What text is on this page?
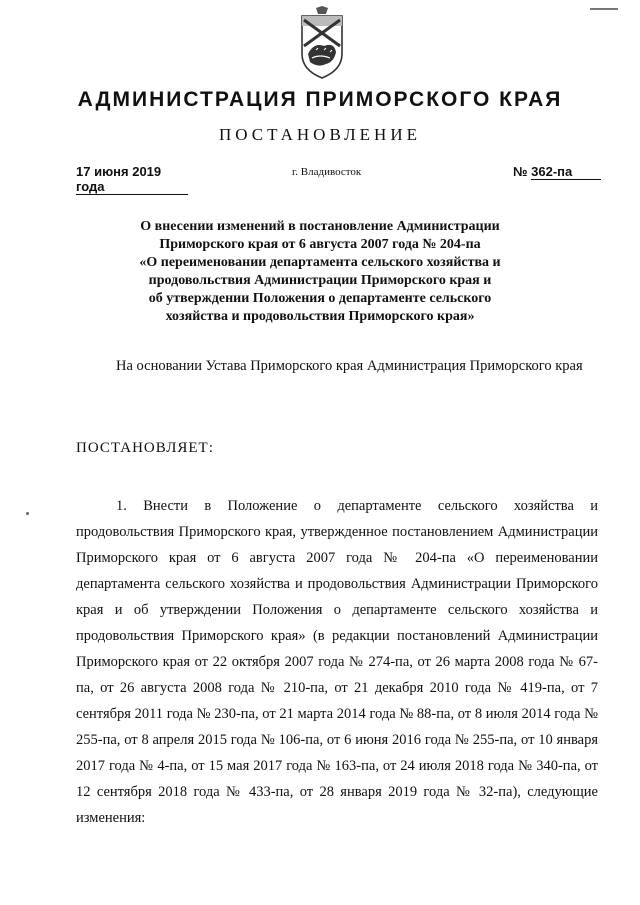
АДМИНИСТРАЦИЯ ПРИМОРСКОГО КРАЯ
ПОСТАНОВЛЕНИЕ
17 июня 2019 года
г. Владивосток	№ 362-па
О внесении изменений в постановление Администрации
Приморского края от 6 августа 2007 года № 204-па
«О переименовании департамента сельского хозяйства и
продовольствия Администрации Приморского края и
об утверждении Положения о департаменте сельского
хозяйства и продовольствия Приморского края»
На основании Устава Приморского края Администрация Приморского края
ПОСТАНОВЛЯЕТ:
1. Внести в Положение о департаменте сельского хозяйства и продовольствия Приморского края, утвержденное постановлением Администрации Приморского края от 6 августа 2007 года № 204-па «О переименовании департамента сельского хозяйства и продовольствия Администрации Приморского края и об утверждении Положения о департаменте сельского хозяйства и продовольствия Приморского края» (в редакции постановлений Администрации Приморского края от 22 октября 2007 года № 274-па, от 26 марта 2008 года № 67-па, от 26 августа 2008 года № 210-па, от 21 декабря 2010 года № 419-па, от 7 сентября 2011 года № 230-па, от 21 марта 2014 года № 88-па, от 8 июля 2014 года № 255-па, от 8 апреля 2015 года № 106-па, от 6 июня 2016 года № 255-па, от 10 января 2017 года № 4-па, от 15 мая 2017 года № 163-па, от 24 июля 2018 года № 340-па, от 12 сентября 2018 года № 433-па, от 28 января 2019 года № 32-па), следующие изменения:
